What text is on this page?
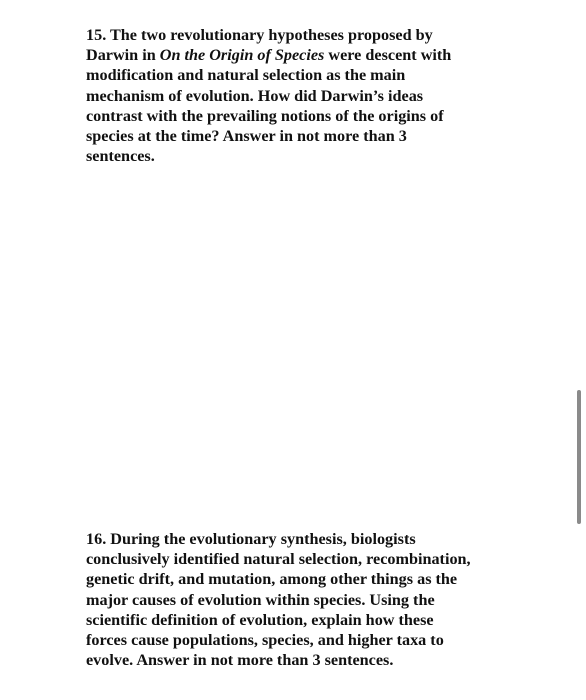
15. The two revolutionary hypotheses proposed by
Darwin in On the Origin of Species were descent with
modification and natural selection as the main
mechanism of evolution. How did Darwin’s ideas
contrast with the prevailing notions of the origins of
species at the time? Answer in not more than 3
sentences.
16. During the evolutionary synthesis, biologists
conclusively identified natural selection, recombination,
genetic drift, and mutation, among other things as the
major causes of evolution within species. Using the
scientific definition of evolution, explain how these
forces cause populations, species, and higher taxa to
evolve. Answer in not more than 3 sentences.
